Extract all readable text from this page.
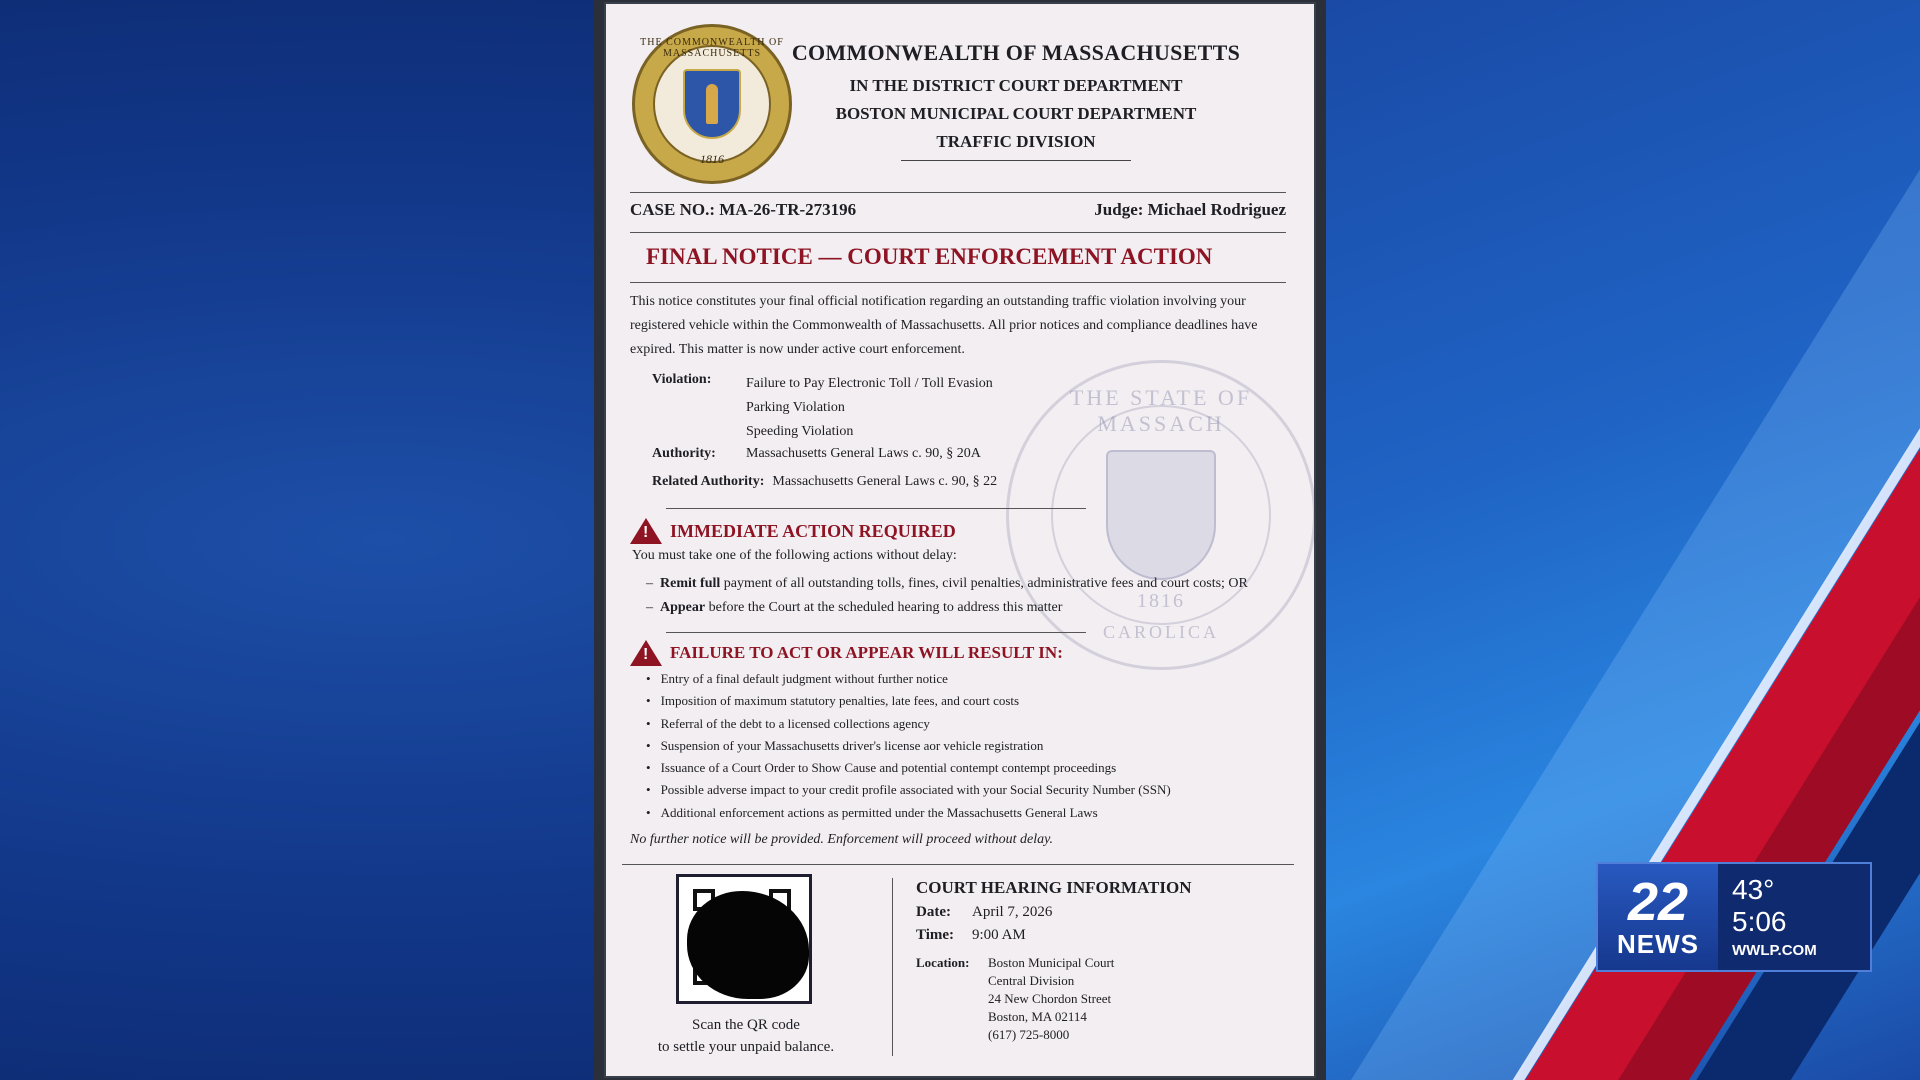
THE COMMONWEALTH OF MASSACHUSETTS
1816
COMMONWEALTH OF MASSACHUSETTS
IN THE DISTRICT COURT DEPARTMENT
BOSTON MUNICIPAL COURT DEPARTMENT
TRAFFIC DIVISION
CASE NO.: MA-26-TR-273196	Judge: Michael Rodriguez
FINAL NOTICE — COURT ENFORCEMENT ACTION
THE STATE OF MASSACH
1816
CAROLICA
This notice constitutes your final official notification regarding an outstanding traffic violation involving your registered vehicle within the Commonwealth of Massachusetts. All prior notices and compliance deadlines have expired. This matter is now under active court enforcement.
Violation:	Failure to Pay Electronic Toll / Toll Evasion
Parking Violation
Speeding Violation
Authority: Massachusetts General Laws c. 90, § 20A
Related Authority: Massachusetts General Laws c. 90, § 22
! IMMEDIATE ACTION REQUIRED
You must take one of the following actions without delay:
–  Remit full payment of all outstanding tolls, fines, civil penalties, administrative fees and court costs; OR
–  Appear before the Court at the scheduled hearing to address this matter
! FAILURE TO ACT OR APPEAR WILL RESULT IN:
• Entry of a final default judgment without further notice
• Imposition of maximum statutory penalties, late fees, and court costs
• Referral of the debt to a licensed collections agency
• Suspension of your Massachusetts driver's license aor vehicle registration
• Issuance of a Court Order to Show Cause and potential contempt contempt proceedings
• Possible adverse impact to your credit profile associated with your Social Security Number (SSN)
• Additional enforcement actions as permitted under the Massachusetts General Laws
No further notice will be provided. Enforcement will proceed without delay.
Scan the QR code
to settle your unpaid balance.
COURT HEARING INFORMATION
Date:	April 7, 2026
Time:	9:00 AM
Location:	Boston Municipal Court
Central Division
24 New Chordon Street
Boston, MA 02114
(617) 725-8000
22
NEWS
43°
5:06
WWLP.COM
